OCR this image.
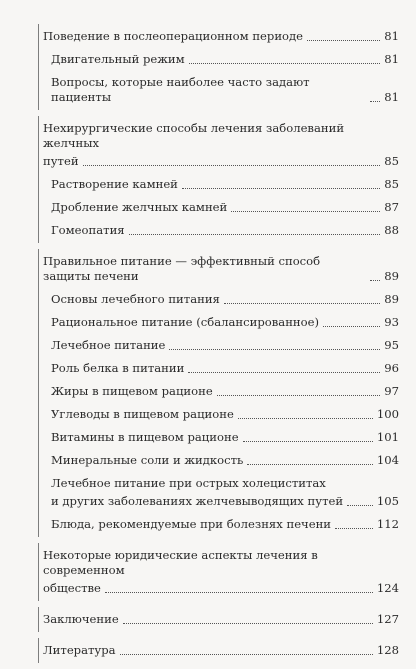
Поведение в послеоперационном периоде	81
Двигательный режим	81
Вопросы, которые наиболее часто задают пациенты	81
Нехирургические способы лечения заболеваний желчных
путей	85
Растворение камней	85
Дробление желчных камней	87
Гомеопатия	88
Правильное питание — эффективный способ защиты печени	89
Основы лечебного питания	89
Рациональное питание (сбалансированное)	93
Лечебное питание	95
Роль белка в питании	96
Жиры в пищевом рационе	97
Углеводы в пищевом рационе	100
Витамины в пищевом рационе	101
Минеральные соли и жидкость	104
Лечебное питание при острых холециститах
и других заболеваниях желчевыводящих путей	105
Блюда, рекомендуемые при болезнях печени	112
Некоторые юридические аспекты лечения в современном
обществе	124
Заключение	127
Литература	128
